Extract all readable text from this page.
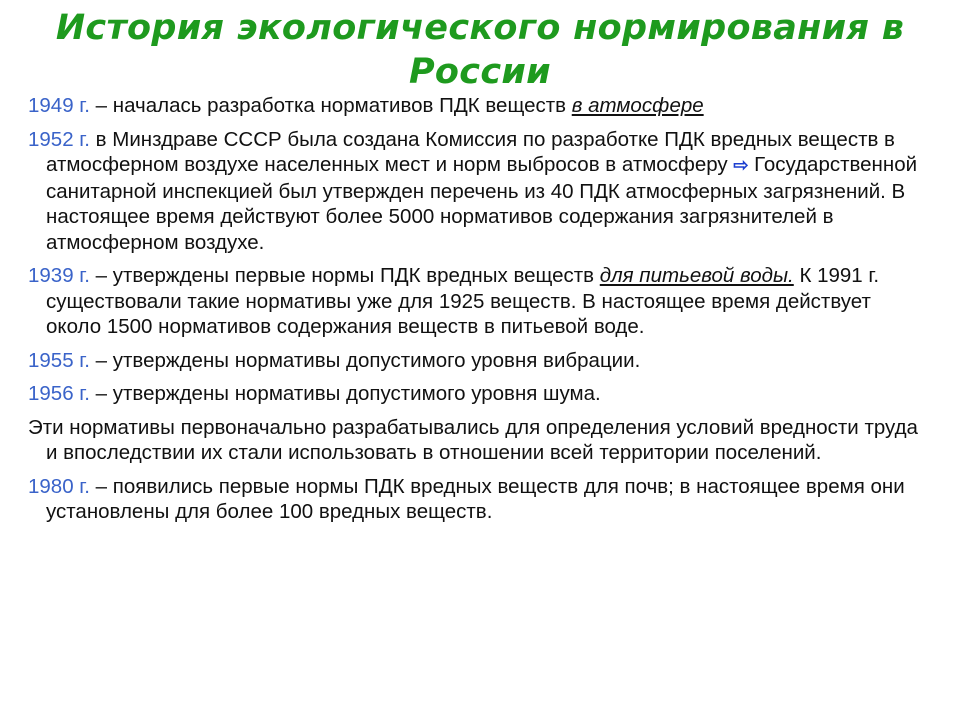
История экологического нормирования в России

1949 г. – началась разработка нормативов ПДК веществ в атмосфере

1952 г. в Минздраве СССР была создана Комиссия по разработке ПДК вредных веществ в атмосферном воздухе населенных мест и норм выбросов в атмосферу ⇨ Государственной санитарной инспекцией был утвержден перечень из 40 ПДК атмосферных загрязнений. В настоящее время действуют более 5000 нормативов содержания загрязнителей в атмосферном воздухе.

1939 г. – утверждены первые нормы ПДК вредных веществ для питьевой воды. К 1991 г. существовали такие нормативы уже для 1925 веществ. В настоящее время действует около 1500 нормативов содержания веществ в питьевой воде.

1955 г. – утверждены нормативы допустимого уровня вибрации.

1956 г. – утверждены нормативы допустимого уровня шума.

Эти нормативы первоначально разрабатывались для определения условий вредности труда и впоследствии их стали использовать в отношении всей территории поселений.

1980 г. – появились первые нормы ПДК вредных веществ для почв; в настоящее время они установлены для более 100 вредных веществ.
